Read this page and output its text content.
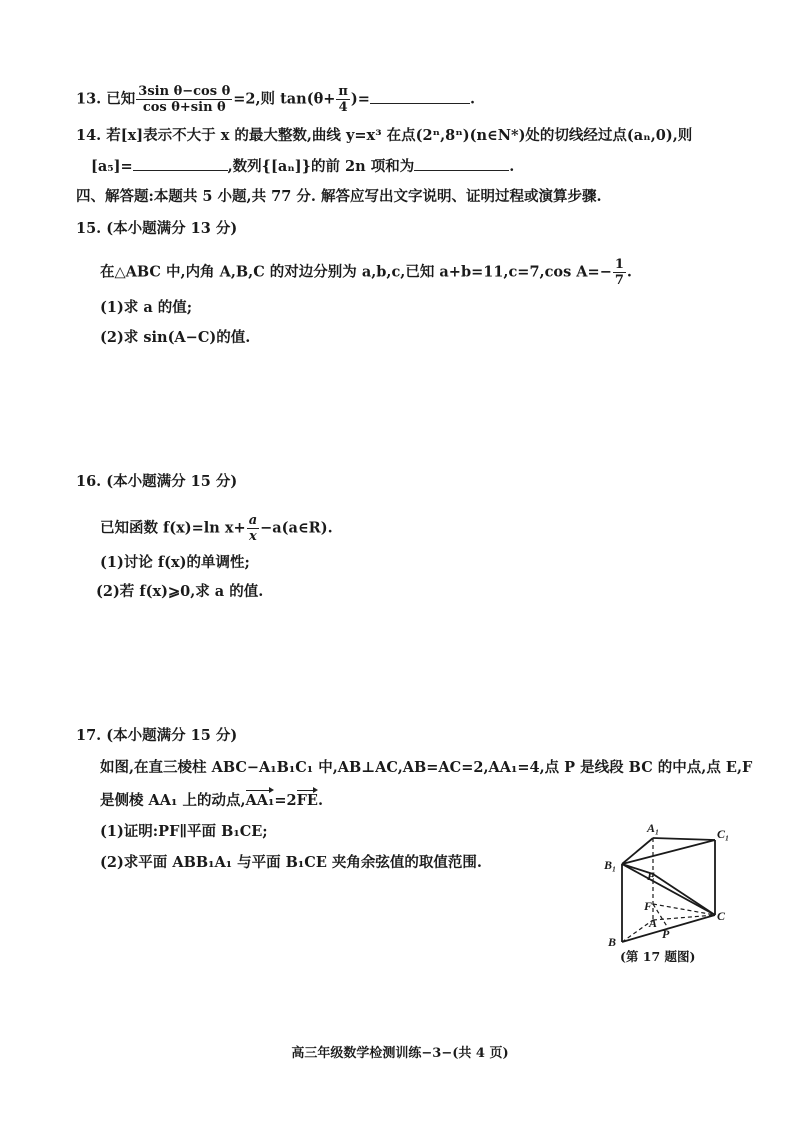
13. 已知 $\frac{\text{3sin θ−cos θ}}{\text{cos θ+sin θ}} =2$,则 $\tan(\theta+ \frac{\pi}{4}$ )=	.
14. 若[x]表示不大于 x 的最大整数,曲线 y=x³ 在点(2ⁿ,8ⁿ)(n∈N*)处的切线经过点(aₙ,0),则
[a₅]=	,数列{[aₙ]}的前 2n 项和为	.
四、解答题:本题共 5 小题,共 77 分. 解答应写出文字说明、证明过程或演算步骤.
15. (本小题满分 13 分)
在△ABC 中,内角 A,B,C 的对边分别为 a,b,c,已知 a+b=11,c=7,cos $A=- \frac{1}{7}$ .
(1)求 a 的值;
(2)求 sin(A−C)的值.
16. (本小题满分 15 分)
已知函数 f(x)=ln $x+ \frac{a}{x}$ −a(a∈R).
(1)讨论 f(x)的单调性;
(2)若 f(x)⩾0,求 a 的值.
17. (本小题满分 15 分)
如图,在直三棱柱 ABC−A₁B₁C₁ 中,AB⊥AC,AB=AC=2,AA₁=4,点 P 是线段 BC 的中点,点 E,F
是侧棱 AA₁ 上的动点,AA₁=2FE.
(1)证明:PF∥平面 B₁CE;
(2)求平面 ABB₁A₁ 与平面 B₁CE 夹角余弦值的取值范围.
A₁	C₁
B₁
E
F
A	C
P
B
(第 17 题图)
高三年级数学检测训练−3−(共 4 页)
